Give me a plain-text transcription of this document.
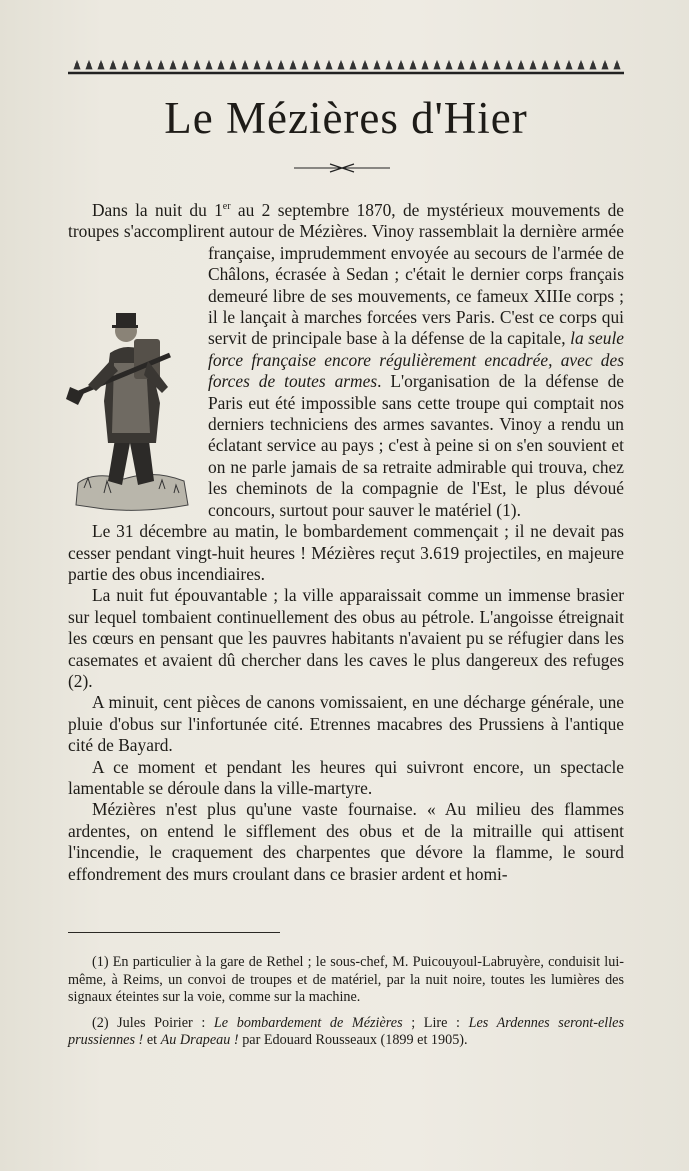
Le Mézières d'Hier

Dans la nuit du 1er au 2 septembre 1870, de mystérieux mouvements de troupes s'accomplirent autour de Mézières. Vinoy rassemblait la
dernière armée française, imprudemment envoyée au secours de l'armée de Châlons, écrasée à Sedan ; c'était le dernier corps français demeuré libre de ses mouvements, ce fameux XIIIe corps ; il le lançait à marches forcées vers Paris. C'est ce corps qui servit de principale base à la défense de la capitale, la seule force française encore régulièrement encadrée, avec des forces de toutes armes. L'organisation de la défense de Paris eut été impossible sans cette troupe qui comptait nos derniers techniciens des armes savantes. Vinoy a rendu un éclatant service au pays ; c'est à peine si on s'en souvient et on ne parle jamais de sa retraite admirable qui trouva, chez les cheminots de la compagnie de l'Est, le plus dévoué concours, surtout pour sauver le matériel (1).

Le 31 décembre au matin, le bombardement commençait ; il ne devait pas cesser pendant vingt-huit heures ! Mézières reçut 3.619 projectiles, en majeure partie des obus incendiaires.

La nuit fut épouvantable ; la ville apparaissait comme un immense brasier sur lequel tombaient continuellement des obus au pétrole. L'angoisse étreignait les cœurs en pensant que les pauvres habitants n'avaient pu se réfugier dans les casemates et avaient dû chercher dans les caves le plus dangereux des refuges (2).

A minuit, cent pièces de canons vomissaient, en une décharge générale, une pluie d'obus sur l'infortunée cité. Etrennes macabres des Prussiens à l'antique cité de Bayard.

A ce moment et pendant les heures qui suivront encore, un spectacle lamentable se déroule dans la ville-martyre.

Mézières n'est plus qu'une vaste fournaise. « Au milieu des flammes ardentes, on entend le sifflement des obus et de la mitraille qui attisent l'incendie, le craquement des charpentes que dévore la flamme, le sourd effondrement des murs croulant dans ce brasier ardent et homi-

(1) En particulier à la gare de Rethel ; le sous-chef, M. Puicouyoul-Labruyère, conduisit lui-même, à Reims, un convoi de troupes et de matériel, par la nuit noire, toutes les lumières des signaux éteintes sur la voie, comme sur la machine.

(2) Jules Poirier : Le bombardement de Mézières ; Lire : Les Ardennes seront-elles prussiennes ! et Au Drapeau ! par Edouard Rousseaux (1899 et 1905).
